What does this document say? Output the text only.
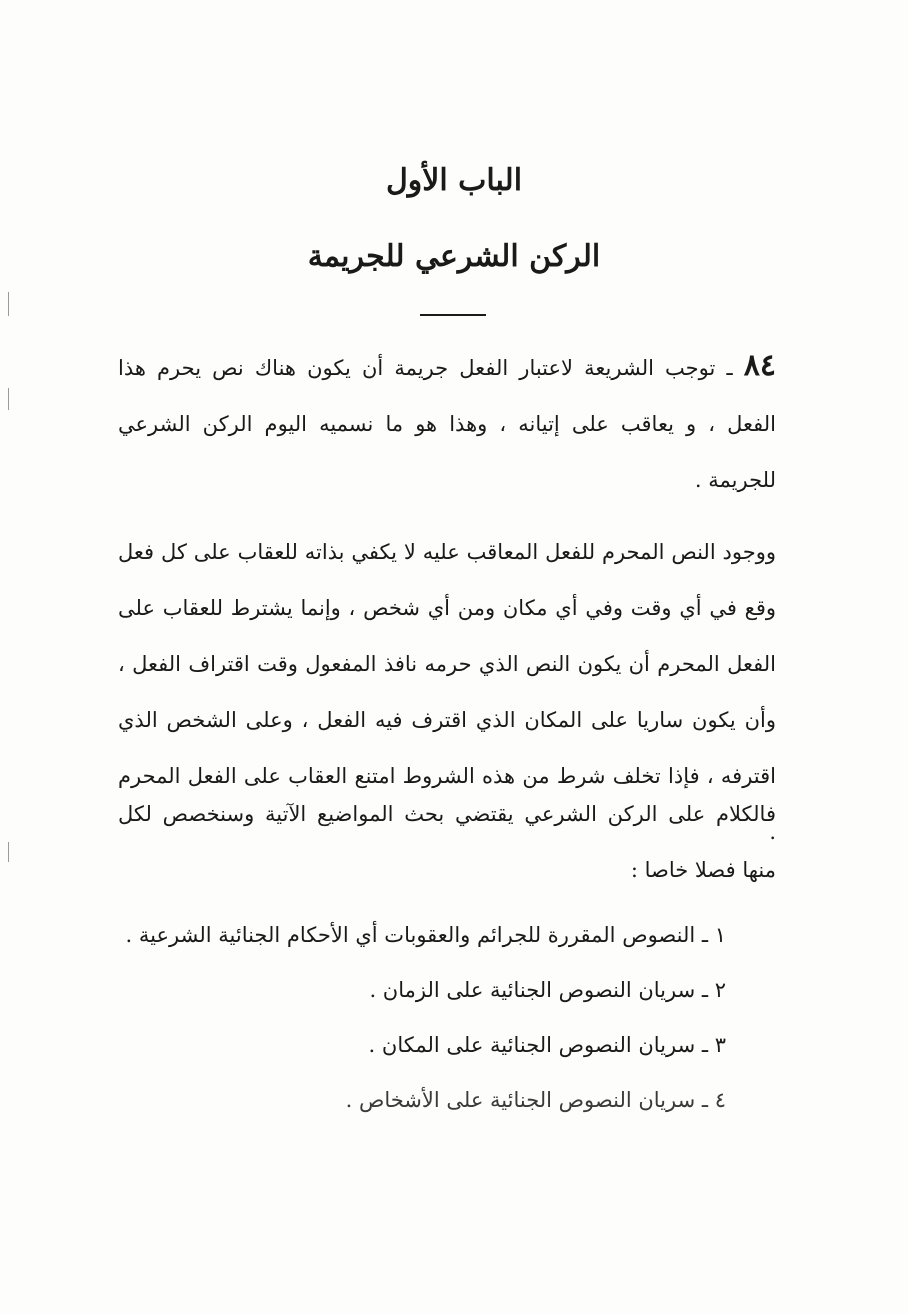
الباب الأول
الركن الشرعي للجريمة
٨٤ ـ توجب الشريعة لاعتبار الفعل جريمة أن يكون هناك نص يحرم هذا الفعل ، و يعاقب على إتيانه ، وهذا هو ما نسميه اليوم الركن الشرعي للجريمة .
ووجود النص المحرم للفعل المعاقب عليه لا يكفي بذاته للعقاب على كل فعل وقع في أي وقت وفي أي مكان ومن أي شخص ، وإنما يشترط للعقاب على الفعل المحرم أن يكون النص الذي حرمه نافذ المفعول وقت اقتراف الفعل ، وأن يكون ساريا على المكان الذي اقترف فيه الفعل ، وعلى الشخص الذي اقترفه ، فإذا تخلف شرط من هذه الشروط امتنع العقاب على الفعل المحرم .
فالكلام على الركن الشرعي يقتضي بحث المواضيع الآتية وسنخصص لكل منها فصلا خاصا :
١ ـ النصوص المقررة للجرائم والعقوبات أي الأحكام الجنائية الشرعية .
٢ ـ سريان النصوص الجنائية على الزمان .
٣ ـ سريان النصوص الجنائية على المكان .
٤ ـ سريان النصوص الجنائية على الأشخاص .
